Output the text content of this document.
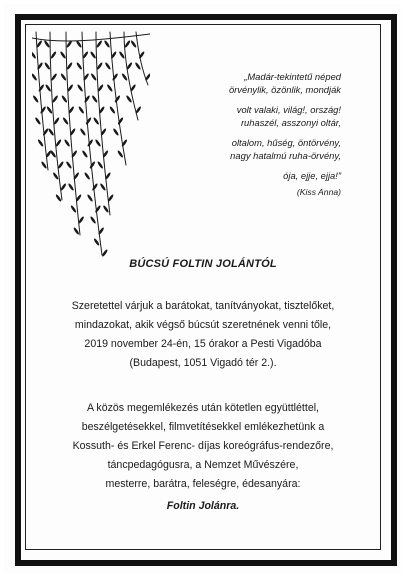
„Madár-tekintetű néped
örvénylik, özönlik, mondják
volt valaki, világ!, ország!
ruhaszél, asszonyi oltár,
oltalom, hűség, öntörvény,
nagy hatalmú ruha-örvény,
ója, ejje, ejja!”
(Kiss Anna)
BÚCSÚ FOLTIN JOLÁNTÓL
Szeretettel várjuk a barátokat, tanítványokat, tisztelőket,
mindazokat, akik végső búcsút szeretnének venni tőle,
2019 november 24-én, 15 órakor a Pesti Vigadóba
(Budapest, 1051 Vigadó tér 2.).
A közös megemlékezés után kötetlen együttléttel,
beszélgetésekkel, filmvetítésekkel emlékezhetünk a
Kossuth- és Erkel Ferenc- díjas koreógráfus-rendezőre,
táncpedagógusra, a Nemzet Művészére,
mesterre, barátra, feleségre, édesanyára:
Foltin Jolánra.
